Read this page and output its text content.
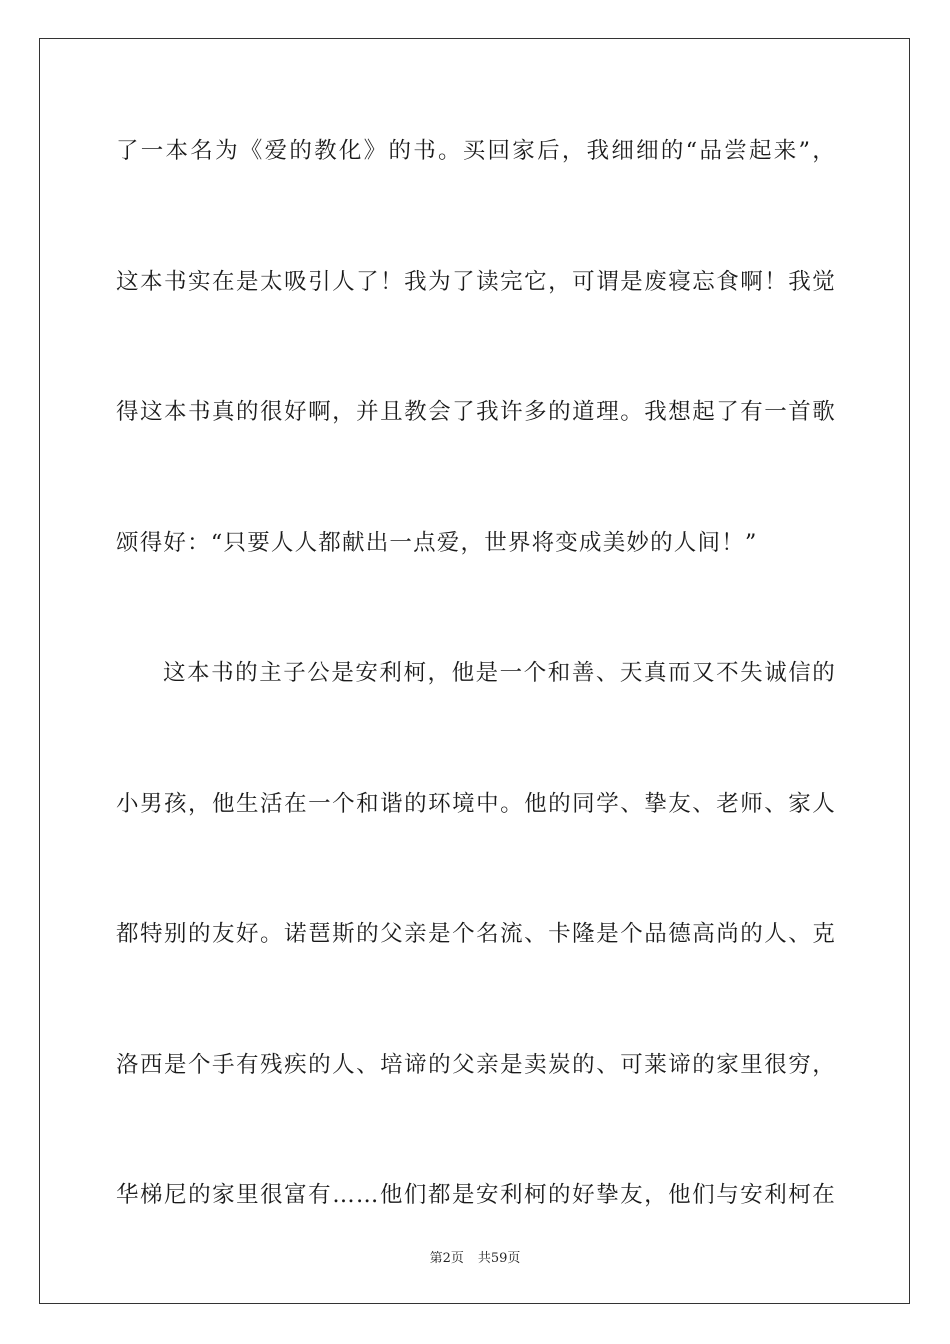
了一本名为《爱的教化》的书。买回家后，我细细的“品尝起来”，
这本书实在是太吸引人了！我为了读完它，可谓是废寝忘食啊！我觉
得这本书真的很好啊，并且教会了我许多的道理。我想起了有一首歌
颂得好：“只要人人都献出一点爱，世界将变成美妙的人间！”
这本书的主子公是安利柯，他是一个和善、天真而又不失诚信的
小男孩，他生活在一个和谐的环境中。他的同学、挚友、老师、家人
都特别的友好。诺琶斯的父亲是个名流、卡隆是个品德高尚的人、克
洛西是个手有残疾的人、培谛的父亲是卖炭的、可莱谛的家里很穷，
华梯尼的家里很富有……他们都是安利柯的好挚友，他们与安利柯在
第2页 共59页
